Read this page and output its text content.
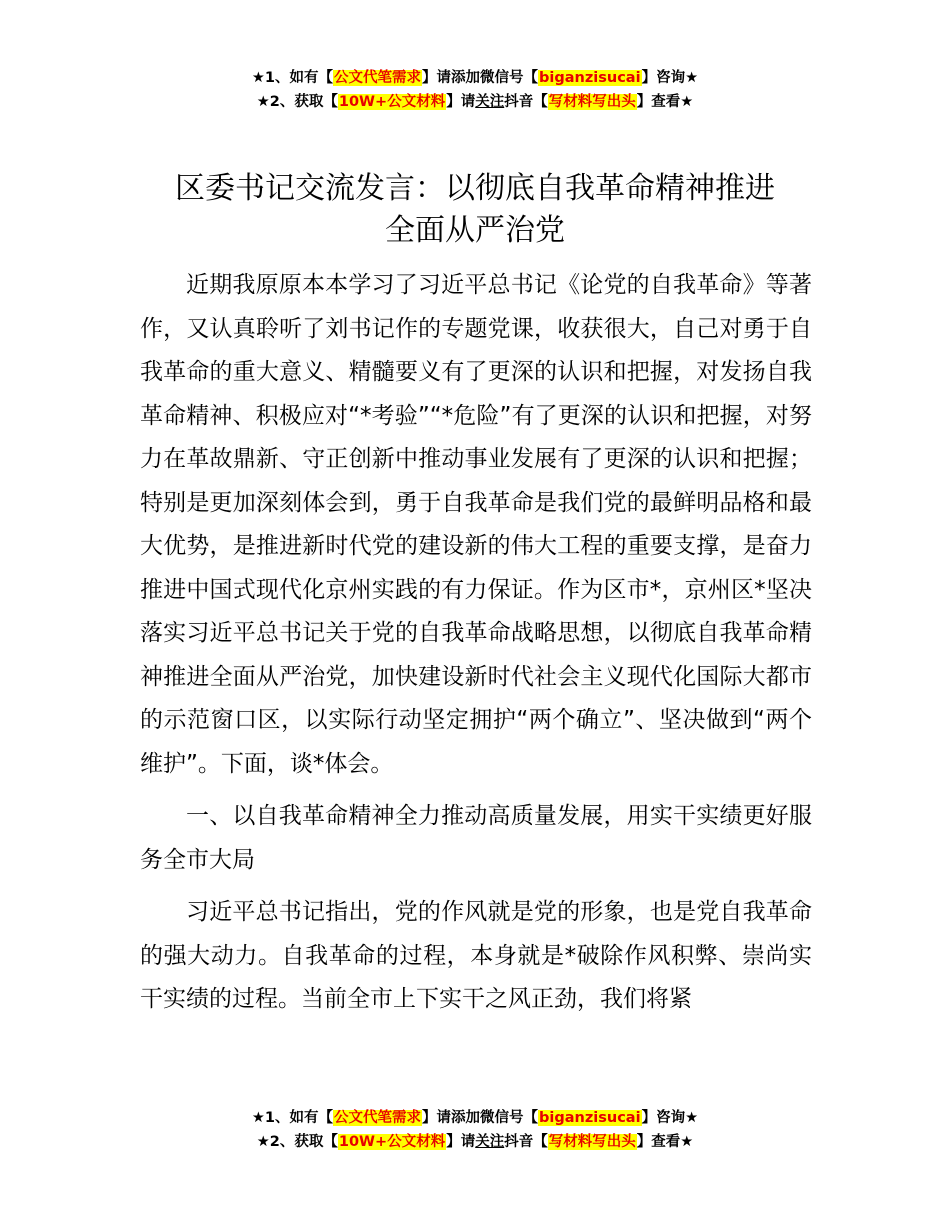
★1、如有【公文代笔需求】请添加微信号【biganzisucai】咨询★
★2、获取【10W+公文材料】请关注抖音【写材料写出头】查看★
区委书记交流发言：以彻底自我革命精神推进
全面从严治党

近期我原原本本学习了习近平总书记《论党的自我革命》等著作，又认真聆听了刘书记作的专题党课，收获很大，自己对勇于自我革命的重大意义、精髓要义有了更深的认识和把握，对发扬自我革命精神、积极应对“*考验”“*危险”有了更深的认识和把握，对努力在革故鼎新、守正创新中推动事业发展有了更深的认识和把握；特别是更加深刻体会到，勇于自我革命是我们党的最鲜明品格和最大优势，是推进新时代党的建设新的伟大工程的重要支撑，是奋力推进中国式现代化京州实践的有力保证。作为区市*，京州区*坚决落实习近平总书记关于党的自我革命战略思想，以彻底自我革命精神推进全面从严治党，加快建设新时代社会主义现代化国际大都市的示范窗口区，以实际行动坚定拥护“两个确立”、坚决做到“两个维护”。下面，谈*体会。

一、以自我革命精神全力推动高质量发展，用实干实绩更好服务全市大局

习近平总书记指出，党的作风就是党的形象，也是党自我革命的强大动力。自我革命的过程，本身就是*破除作风积弊、崇尚实干实绩的过程。当前全市上下实干之风正劲，我们将紧

★1、如有【公文代笔需求】请添加微信号【biganzisucai】咨询★
★2、获取【10W+公文材料】请关注抖音【写材料写出头】查看★
